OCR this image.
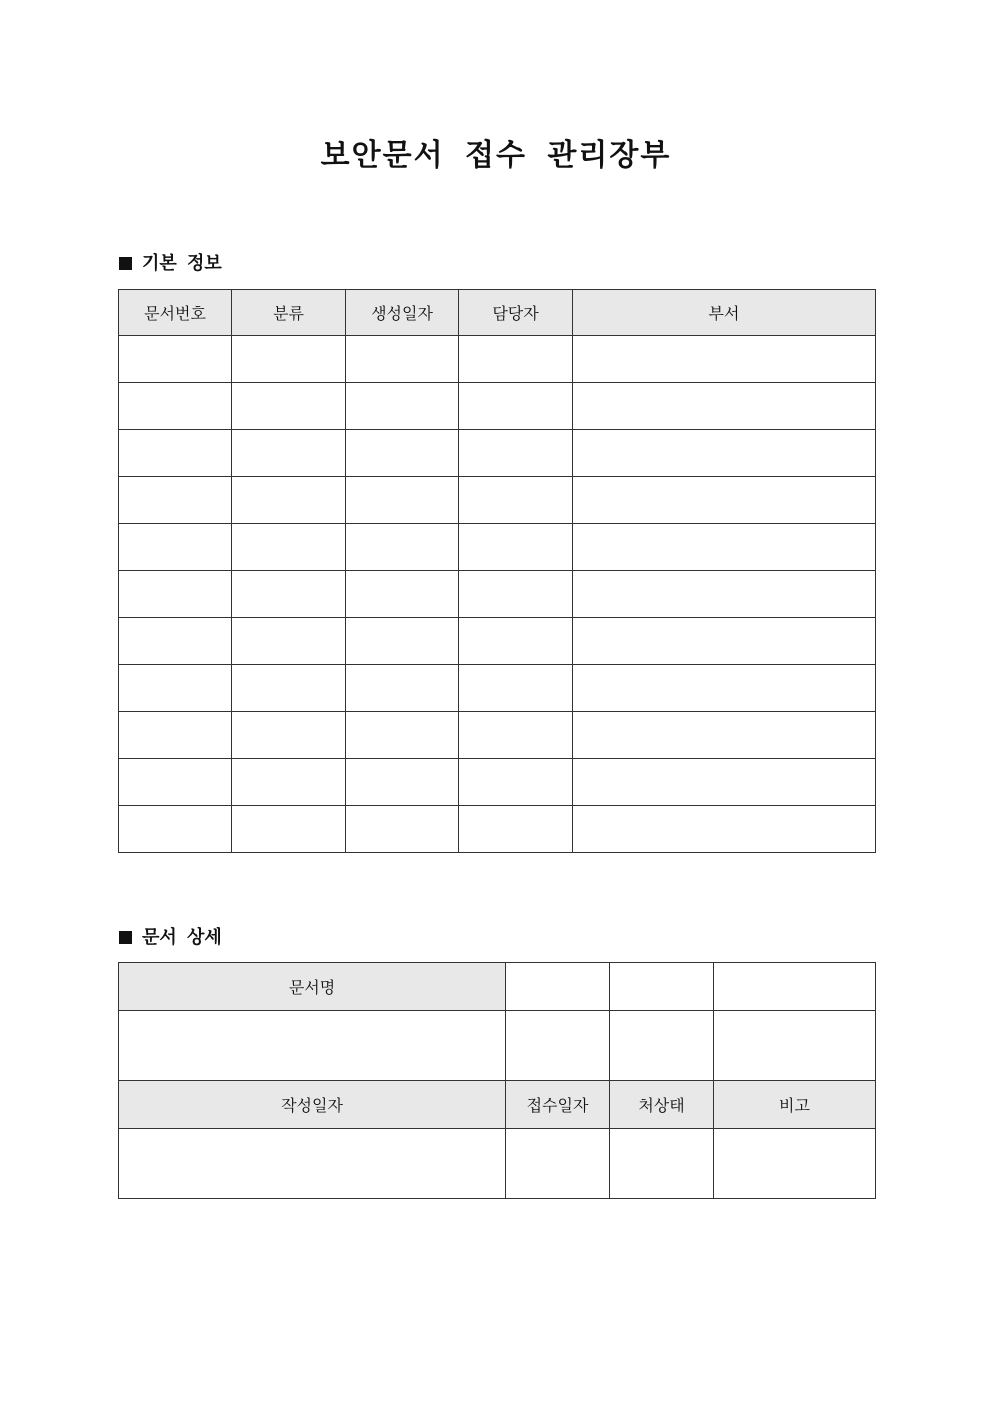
보안문서 접수 관리장부
기본 정보
문서번호	분류	생성일자	담당자	부서

문서 상세
문서명			

작성일자	접수일자	처상태	비고
